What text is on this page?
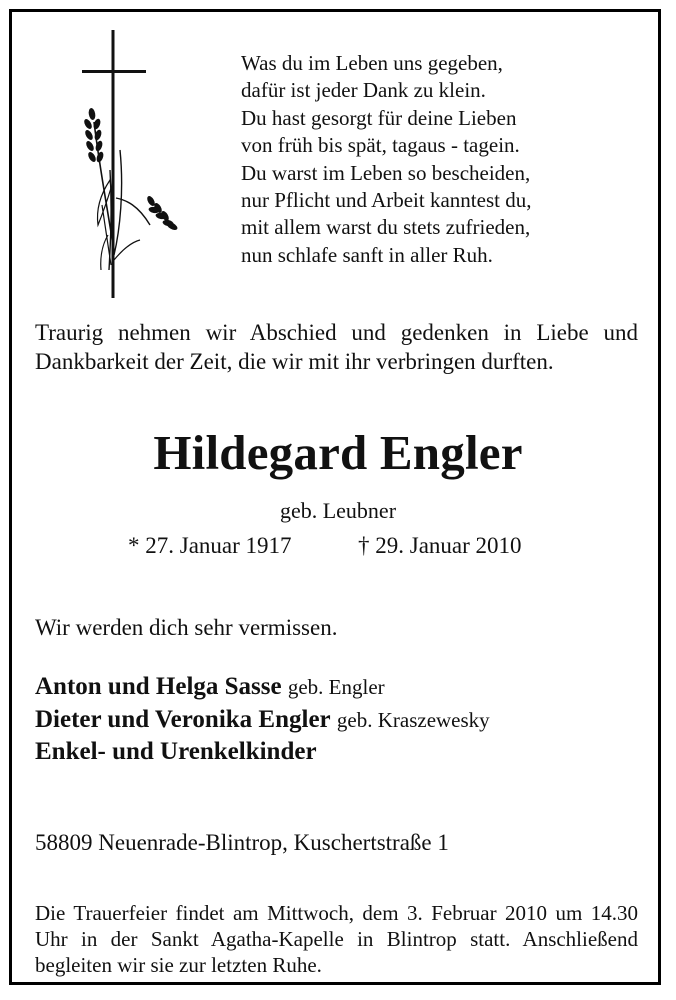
Was du im Leben uns gegeben,
dafür ist jeder Dank zu klein.
Du hast gesorgt für deine Lieben
von früh bis spät, tagaus - tagein.
Du warst im Leben so bescheiden,
nur Pflicht und Arbeit kanntest du,
mit allem warst du stets zufrieden,
nun schlafe sanft in aller Ruh.
Traurig nehmen wir Abschied und gedenken in Liebe und Dankbarkeit der Zeit, die wir mit ihr verbringen durften.
Hildegard Engler
geb. Leubner
* 27. Januar 1917	† 29. Januar 2010
Wir werden dich sehr vermissen.
Anton und Helga Sasse geb. Engler
Dieter und Veronika Engler geb. Kraszewesky
Enkel- und Urenkelkinder
58809 Neuenrade-Blintrop, Kuschertstraße 1
Die Trauerfeier findet am Mittwoch, dem 3. Februar 2010 um 14.30 Uhr in der Sankt Agatha-Kapelle in Blintrop statt. Anschließend begleiten wir sie zur letzten Ruhe.
